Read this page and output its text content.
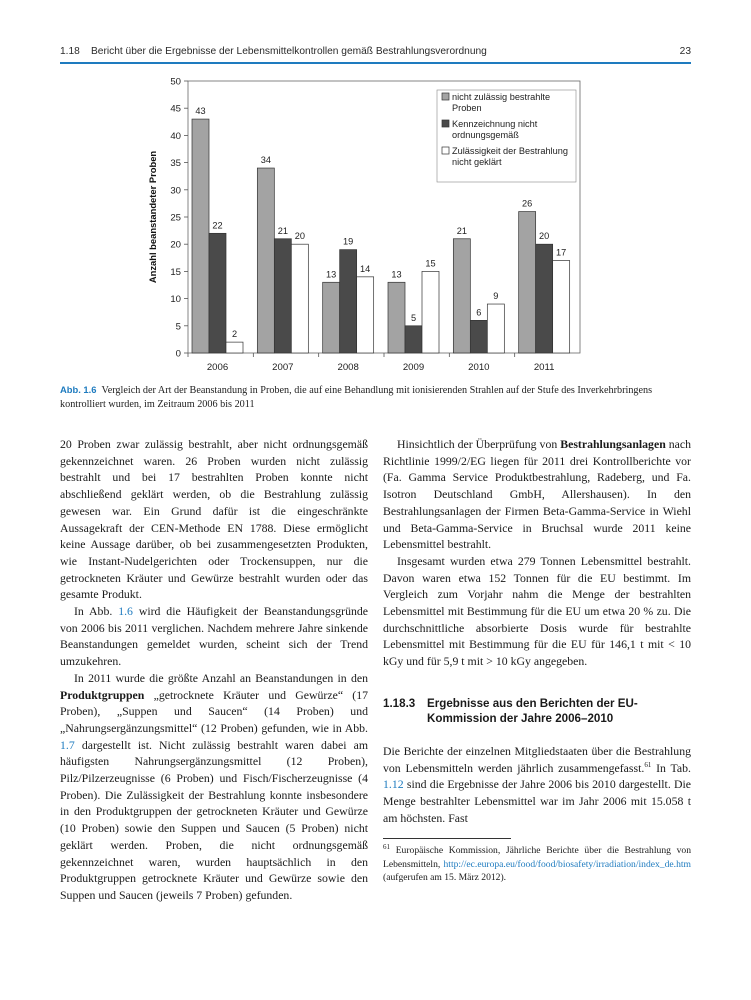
1.18 Bericht über die Ergebnisse der Lebensmittelkontrollen gemäß Bestrahlungsverordnung	23
0
5
10
15
20
25
30
35
40
45
50
Anzahl beanstandeter Proben
43
22
2
2006
34
21
20
2007
13
19
14
2008
13
5
15
2009
21
6
9
2010
26
20
17
2011
nicht zulässig bestrahlte
Proben
Kennzeichnung nicht
ordnungsgemäß
Zulässigkeit der Bestrahlung
nicht geklärt
Abb. 1.6 Vergleich der Art der Beanstandung in Proben, die auf eine Behandlung mit ionisierenden Strahlen auf der Stufe des Inverkehrbringens kontrolliert wurden, im Zeitraum 2006 bis 2011

20 Proben zwar zulässig bestrahlt, aber nicht ordnungsgemäß gekennzeichnet waren. 26 Proben wurden nicht zulässig bestrahlt und bei 17 bestrahlten Proben konnte nicht abschließend geklärt werden, ob die Bestrahlung zulässig gewesen war. Ein Grund dafür ist die eingeschränkte Aussagekraft der CEN-Methode EN 1788. Diese ermöglicht keine Aussage darüber, ob bei zusammengesetzten Produkten, wie Instant-Nudelgerichten oder Trockensuppen, nur die getrockneten Kräuter und Gewürze bestrahlt wurden oder das gesamte Produkt.

In Abb. 1.6 wird die Häufigkeit der Beanstandungsgründe von 2006 bis 2011 verglichen. Nachdem mehrere Jahre sinkende Beanstandungen gemeldet wurden, scheint sich der Trend umzukehren.

In 2011 wurde die größte Anzahl an Beanstandungen in den Produktgruppen „getrocknete Kräuter und Gewürze“ (17 Proben), „Suppen und Saucen“ (14 Proben) und „Nahrungsergänzungsmittel“ (12 Proben) gefunden, wie in Abb. 1.7 dargestellt ist. Nicht zulässig bestrahlt waren dabei am häufigsten Nahrungsergänzungsmittel (12 Proben), Pilz/Pilzerzeugnisse (6 Proben) und Fisch/Fischerzeugnisse (4 Proben). Die Zulässigkeit der Bestrahlung konnte insbesondere in den Produktgruppen der getrockneten Kräuter und Gewürze (10 Proben) sowie den Suppen und Saucen (5 Proben) nicht geklärt werden. Proben, die nicht ordnungsgemäß gekennzeichnet waren, wurden hauptsächlich in den Produktgruppen getrocknete Kräuter und Gewürze sowie den Suppen und Saucen (jeweils 7 Proben) gefunden.

Hinsichtlich der Überprüfung von Bestrahlungsanlagen nach Richtlinie 1999/2/EG liegen für 2011 drei Kontrollberichte vor (Fa. Gamma Service Produktbestrahlung, Radeberg, und Fa. Isotron Deutschland GmbH, Allershausen). In den Bestrahlungsanlagen der Firmen Beta-Gamma-Service in Wiehl und Beta-Gamma-Service in Bruchsal wurde 2011 keine Lebensmittel bestrahlt.

Insgesamt wurden etwa 279 Tonnen Lebensmittel bestrahlt. Davon waren etwa 152 Tonnen für die EU bestimmt. Im Vergleich zum Vorjahr nahm die Menge der bestrahlten Lebensmittel mit Bestimmung für die EU um etwa 20 % zu. Die durchschnittliche absorbierte Dosis wurde für bestrahlte Lebensmittel mit Bestimmung für die EU für 146,1 t mit < 10 kGy und für 5,9 t mit > 10 kGy angegeben.

1.18.3	Ergebnisse aus den Berichten der EU-Kommission der Jahre 2006–2010

Die Berichte der einzelnen Mitgliedstaaten über die Bestrahlung von Lebensmitteln werden jährlich zusammengefasst.$^{61}$ In Tab. 1.12 sind die Ergebnisse der Jahre 2006 bis 2010 dargestellt. Die Menge bestrahlter Lebensmittel war im Jahr 2006 mit 15.058 t am höchsten. Fast

$^{61}$ Europäische Kommission, Jährliche Berichte über die Bestrahlung von Lebensmitteln, http://ec.europa.eu/food/food/biosafety/irradiation/index_de.htm (aufgerufen am 15. März 2012).
